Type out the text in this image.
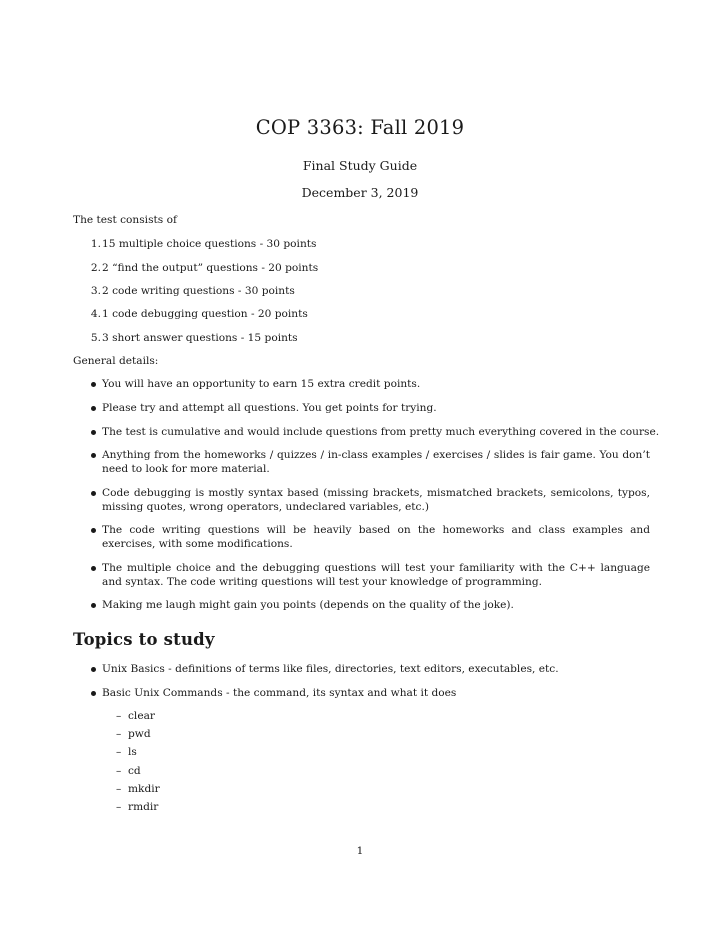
COP 3363: Fall 2019
Final Study Guide
December 3, 2019
The test consists of
1. 15 multiple choice questions - 30 points
2. 2 “find the output” questions - 20 points
3. 2 code writing questions - 30 points
4. 1 code debugging question - 20 points
5. 3 short answer questions - 15 points
General details:
You will have an opportunity to earn 15 extra credit points.
Please try and attempt all questions. You get points for trying.
The test is cumulative and would include questions from pretty much everything covered in the course.
Anything from the homeworks / quizzes / in-class examples / exercises / slides is fair game. You don’t need to look for more material.
Code debugging is mostly syntax based (missing brackets, mismatched brackets, semicolons, typos, missing quotes, wrong operators, undeclared variables, etc.)
The code writing questions will be heavily based on the homeworks and class examples and exercises, with some modifications.
The multiple choice and the debugging questions will test your familiarity with the C++ language and syntax. The code writing questions will test your knowledge of programming.
Making me laugh might gain you points (depends on the quality of the joke).
Topics to study
Unix Basics - definitions of terms like files, directories, text editors, executables, etc.
Basic Unix Commands - the command, its syntax and what it does
– clear
– pwd
– ls
– cd
– mkdir
– rmdir
1
